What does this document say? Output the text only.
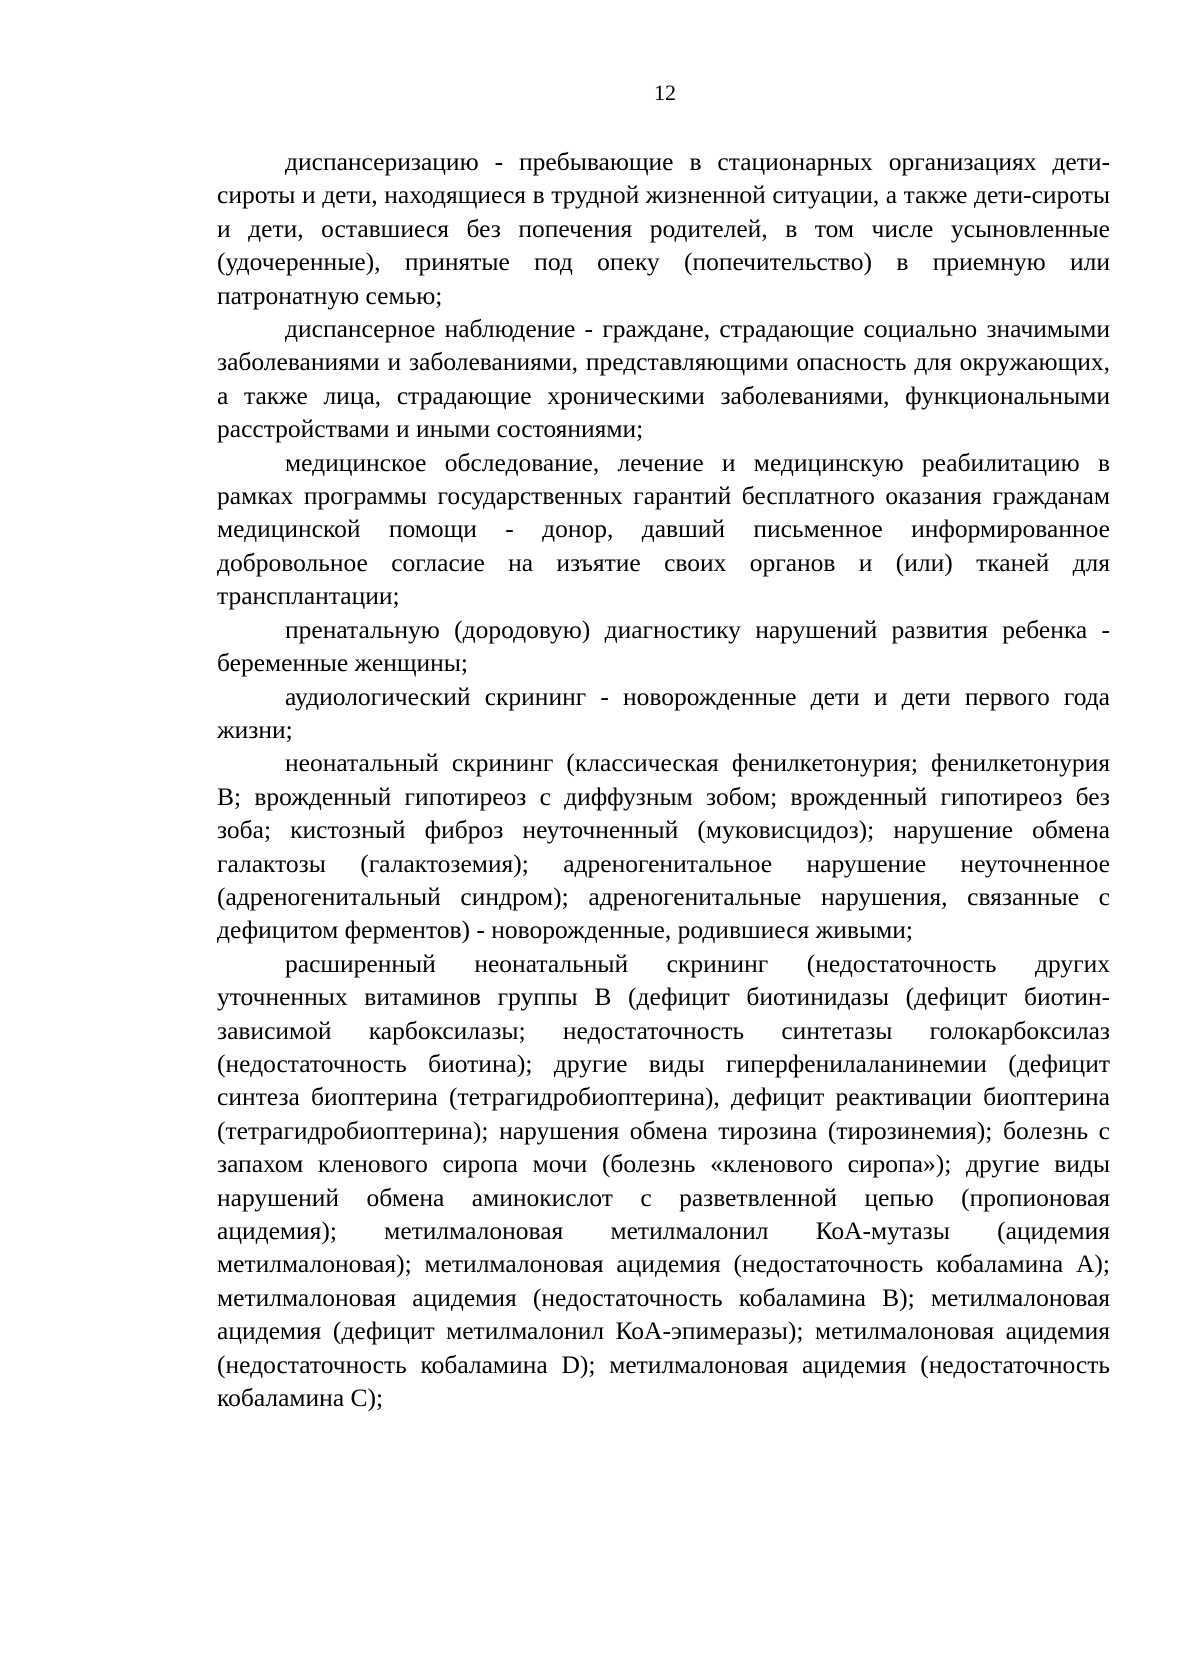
12

диспансеризацию - пребывающие в стационарных организациях дети-сироты и дети, находящиеся в трудной жизненной ситуации, а также дети-сироты и дети, оставшиеся без попечения родителей, в том числе усыновленные (удочеренные), принятые под опеку (попечительство) в приемную или патронатную семью;

диспансерное наблюдение - граждане, страдающие социально значимыми заболеваниями и заболеваниями, представляющими опасность для окружающих, а также лица, страдающие хроническими заболеваниями, функциональными расстройствами и иными состояниями;

медицинское обследование, лечение и медицинскую реабилитацию в рамках программы государственных гарантий бесплатного оказания гражданам медицинской помощи - донор, давший письменное информированное добровольное согласие на изъятие своих органов и (или) тканей для трансплантации;

пренатальную (дородовую) диагностику нарушений развития ребенка - беременные женщины;

аудиологический скрининг - новорожденные дети и дети первого года жизни;

неонатальный скрининг (классическая фенилкетонурия; фенилкетонурия B; врожденный гипотиреоз с диффузным зобом; врожденный гипотиреоз без зоба; кистозный фиброз неуточненный (муковисцидоз); нарушение обмена галактозы (галактоземия); адреногенитальное нарушение неуточненное (адреногенитальный синдром); адреногенитальные нарушения, связанные с дефицитом ферментов) - новорожденные, родившиеся живыми;

расширенный неонатальный скрининг (недостаточность других уточненных витаминов группы B (дефицит биотинидазы (дефицит биотин-зависимой карбоксилазы; недостаточность синтетазы голокарбоксилаз (недостаточность биотина); другие виды гиперфенилаланинемии (дефицит синтеза биоптерина (тетрагидробиоптерина), дефицит реактивации биоптерина (тетрагидробиоптерина); нарушения обмена тирозина (тирозинемия); болезнь с запахом кленового сиропа мочи (болезнь «кленового сиропа»); другие виды нарушений обмена аминокислот с разветвленной цепью (пропионовая ацидемия); метилмалоновая метилмалонил КоА-мутазы (ацидемия метилмалоновая); метилмалоновая ацидемия (недостаточность кобаламина A); метилмалоновая ацидемия (недостаточность кобаламина B); метилмалоновая ацидемия (дефицит метилмалонил КоА-эпимеразы); метилмалоновая ацидемия (недостаточность кобаламина D); метилмалоновая ацидемия (недостаточность кобаламина C);
